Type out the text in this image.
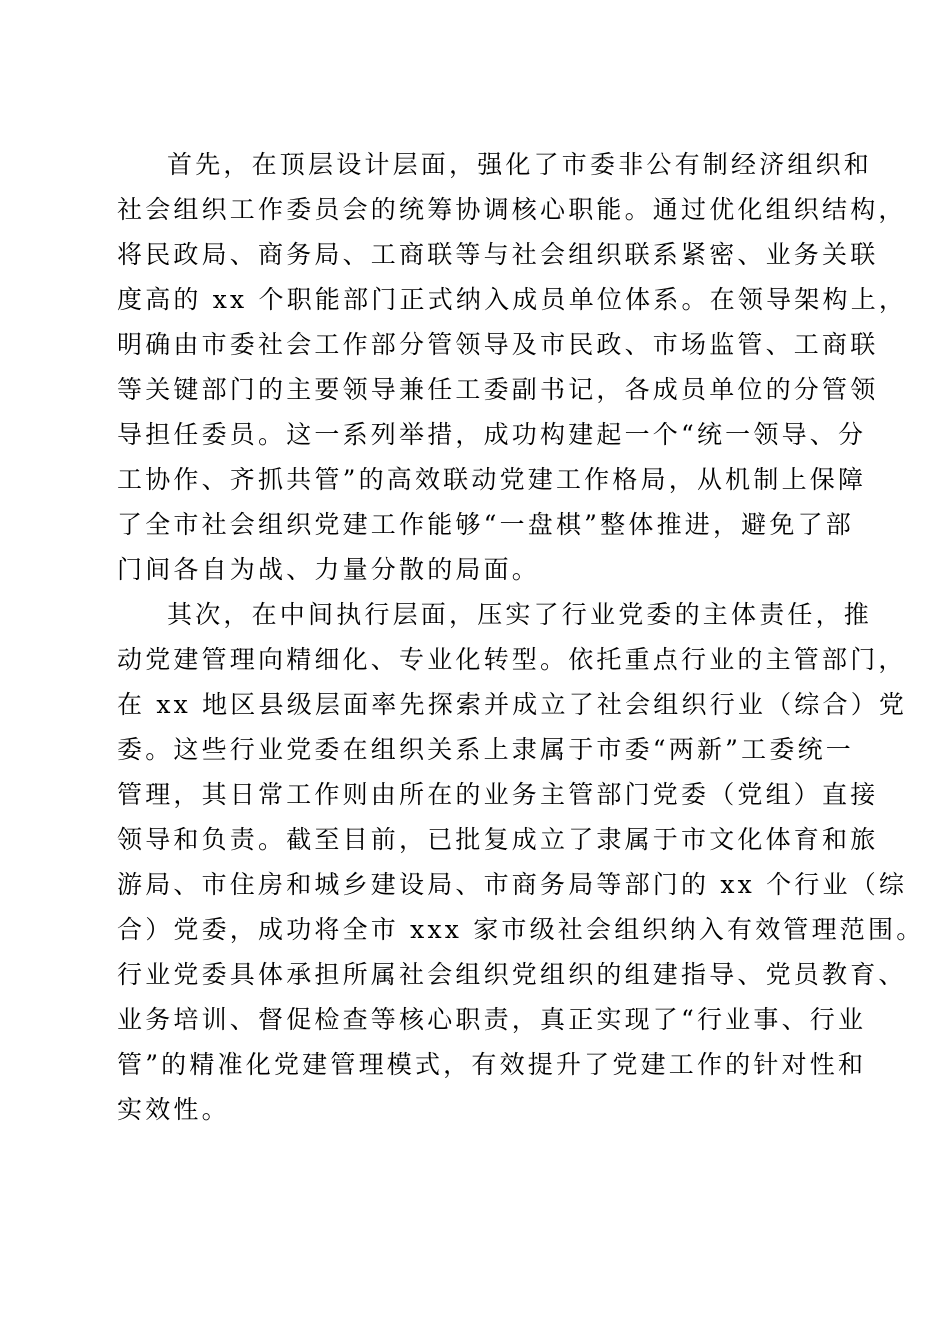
首先，在顶层设计层面，强化了市委非公有制经济组织和
社会组织工作委员会的统筹协调核心职能。通过优化组织结构，
将民政局、商务局、工商联等与社会组织联系紧密、业务关联
度高的 xx 个职能部门正式纳入成员单位体系。在领导架构上，
明确由市委社会工作部分管领导及市民政、市场监管、工商联
等关键部门的主要领导兼任工委副书记，各成员单位的分管领
导担任委员。这一系列举措，成功构建起一个“统一领导、分
工协作、齐抓共管”的高效联动党建工作格局，从机制上保障
了全市社会组织党建工作能够“一盘棋”整体推进，避免了部
门间各自为战、力量分散的局面。
其次，在中间执行层面，压实了行业党委的主体责任，推
动党建管理向精细化、专业化转型。依托重点行业的主管部门，
在 xx 地区县级层面率先探索并成立了社会组织行业（综合）党
委。这些行业党委在组织关系上隶属于市委“两新”工委统一
管理，其日常工作则由所在的业务主管部门党委（党组）直接
领导和负责。截至目前，已批复成立了隶属于市文化体育和旅
游局、市住房和城乡建设局、市商务局等部门的 xx 个行业（综
合）党委，成功将全市 xxx 家市级社会组织纳入有效管理范围。
行业党委具体承担所属社会组织党组织的组建指导、党员教育、
业务培训、督促检查等核心职责，真正实现了“行业事、行业
管”的精准化党建管理模式，有效提升了党建工作的针对性和
实效性。
